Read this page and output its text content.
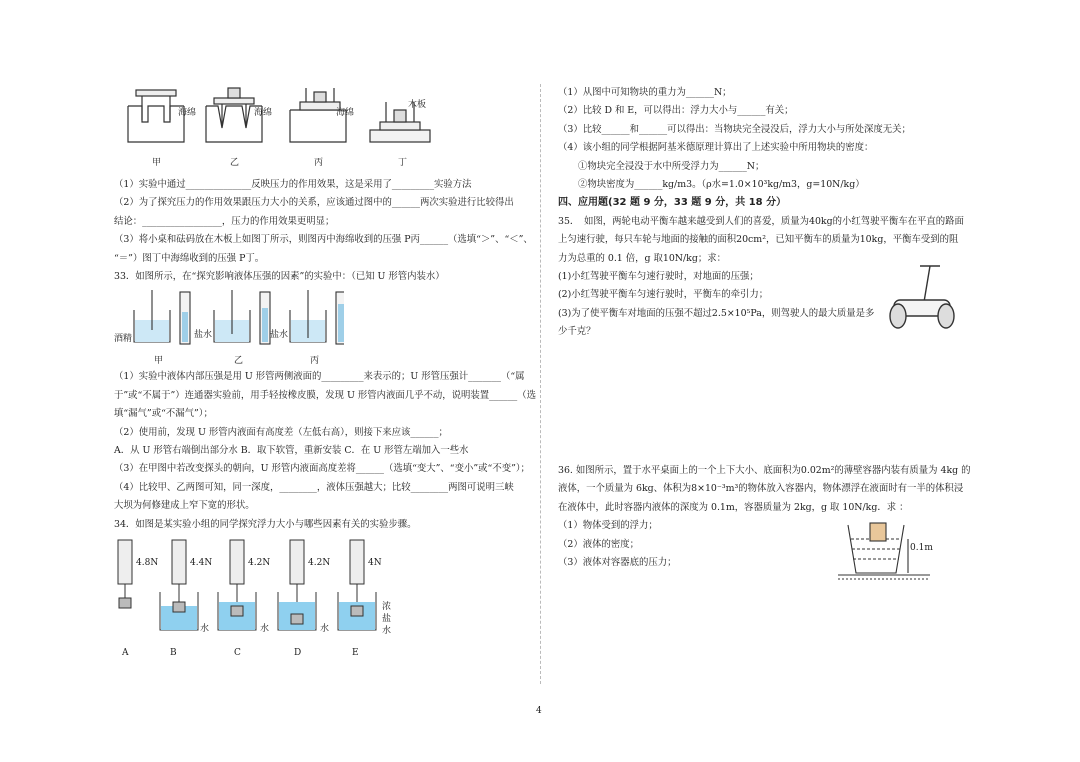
海绵	海绵	海绵
木板
甲	乙	丙	丁
（1）实验中通过______________反映压力的作用效果，这是采用了_________实验方法
（2）为了探究压力的作用效果跟压力大小的关系，应该通过图中的______两次实验进行比较得出
结论：_________________，压力的作用效果更明显；
（3）将小桌和砝码放在木板上如图丁所示，则图丙中海绵收到的压强 P丙______（选填“＞”、“＜”、
“＝”）图丁中海绵收到的压强 P丁。
33．如图所示，在“探究影响液体压强的因素”的实验中：（已知 U 形管内装水）
酒精	盐水	盐水
甲	乙	丙
（1）实验中液体内部压强是用 U 形管两侧液面的_________来表示的；U 形管压强计_______（“属
于”或“不属于”）连通器实验前，用手轻按橡皮膜，发现 U 形管内液面几乎不动，说明装置______（选
填“漏气”或“不漏气”）；
（2）使用前，发现 U 形管内液面有高度差（左低右高），则接下来应该______；
A．从 U 形管右端倒出部分水 B．取下软管，重新安装 C．在 U 形管左端加入一些水
（3）在甲图中若改变探头的朝向，U 形管内液面高度差将______（选填“变大”、“变小”或“不变”）；
（4）比较甲、乙两图可知，同一深度，________，液体压强越大；比较________两图可说明三峡
大坝为何修建成上窄下宽的形状。
34．如图是某实验小组的同学探究浮力大小与哪些因素有关的实验步骤。
4.8N	4.4N	4.2N	4.2N	4N
水	水	水
浓
盐
水
A	B	C	D	E
（1）从图中可知物块的重力为______N；
（2）比较 D 和 E，可以得出：浮力大小与______有关；
（3）比较______和______可以得出：当物块完全浸没后，浮力大小与所处深度无关；
（4）该小组的同学根据阿基米德原理计算出了上述实验中所用物块的密度：
①物块完全浸没于水中所受浮力为______N；
②物块密度为______kg/m3。（ρ水=1.0×10³kg/m3，g=10N/kg）
四、应用题(32 题 9 分，33 题 9 分，共 18 分）
35．　如图，两轮电动平衡车越来越受到人们的喜爱，质量为40kg的小红驾驶平衡车在平直的路面
上匀速行驶，每只车轮与地面的接触的面积20cm²，已知平衡车的质量为10kg，平衡车受到的阻
力为总重的 0.1 倍，g 取10N/kg；求：
(1)小红驾驶平衡车匀速行驶时，对地面的压强；
(2)小红驾驶平衡车匀速行驶时，平衡车的牵引力；
(3)为了使平衡车对地面的压强不超过2.5×10⁵Pa，则驾驶人的最大质量是多
少千克？
36. 如图所示，置于水平桌面上的一个上下大小、底面积为0.02m²的薄壁容器内装有质量为 4kg 的
液体，一个质量为 6kg、体积为8×10⁻³m³的物体放入容器内，物体漂浮在液面时有一半的体积浸
在液体中，此时容器内液体的深度为 0.1m，容器质量为 2kg，g 取 10N/kg．求 ：
（1）物体受到的浮力；
（2）液体的密度；
（3）液体对容器底的压力；
0.1m
4
